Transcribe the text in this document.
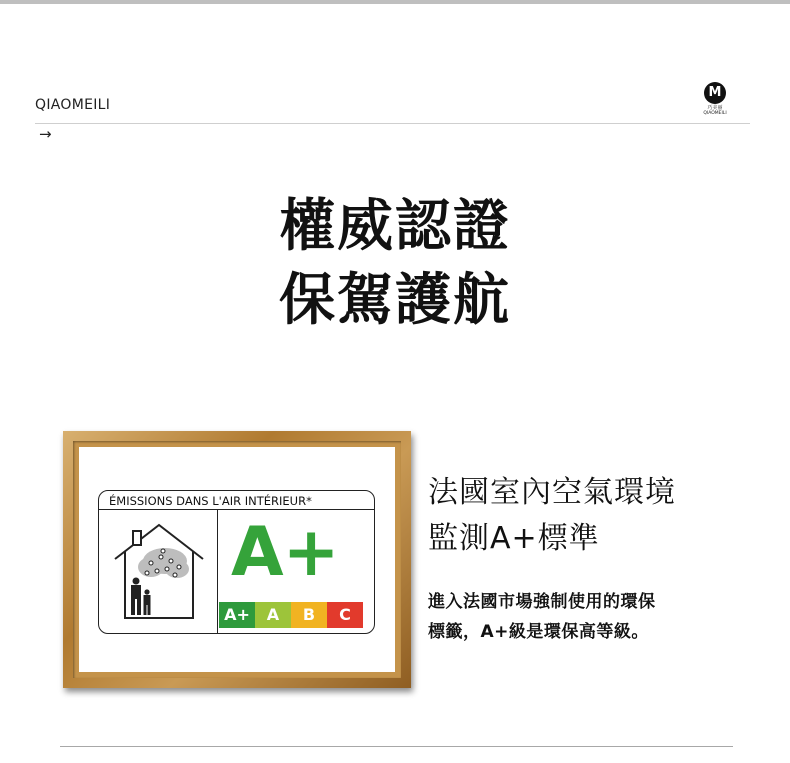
QIAOMEILI
M
巧美丽
QIAOMEILI
→
權威認證
保駕護航
ÉMISSIONS DANS L'AIR INTÉRIEUR*
A+
A+	A	B	C
法國室內空氣環境
監測A+標準
進入法國市場強制使用的環保
標籤，A+級是環保高等級。
